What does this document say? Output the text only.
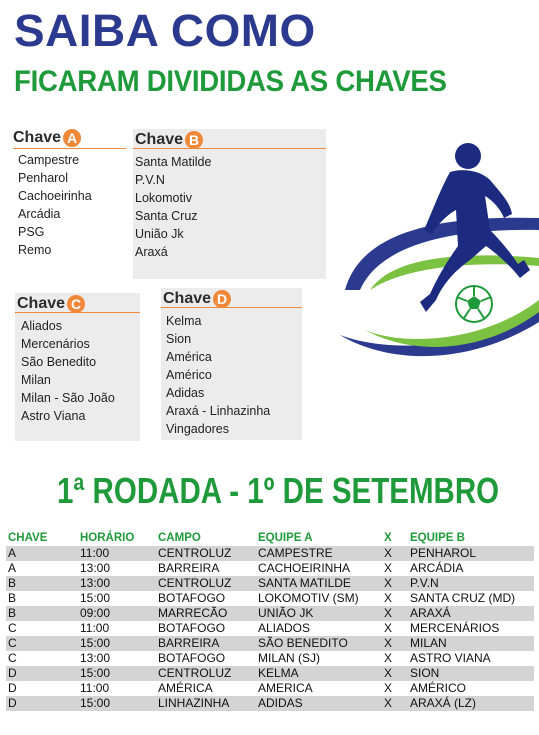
SAIBA COMO
FICARAM DIVIDIDAS AS CHAVES
Chave A
Campestre
Penharol
Cachoeirinha
Arcádia
PSG
Remo
Chave B
Santa Matilde
P.V.N
Lokomotiv
Santa Cruz
União Jk
Araxá
Chave C
Aliados
Mercenários
São Benedito
Milan
Milan - São João
Astro Viana
Chave D
Kelma
Sion
América
Américo
Adidas
Araxá - Linhazinha
Vingadores
1ª RODADA - 1º DE SETEMBRO
CHAVE	HORÁRIO	CAMPO	EQUIPE A	X	EQUIPE B
A	11:00	CENTROLUZ	CAMPESTRE	X	PENHAROL
A	13:00	BARREIRA	CACHOEIRINHA	X	ARCÁDIA
B	13:00	CENTROLUZ	SANTA MATILDE	X	P.V.N
B	15:00	BOTAFOGO	LOKOMOTIV (SM)	X	SANTA CRUZ (MD)
B	09:00	MARRECÃO	UNIÃO JK	X	ARAXÁ
C	11:00	BOTAFOGO	ALIADOS	X	MERCENÁRIOS
C	15:00	BARREIRA	SÃO BENEDITO	X	MILAN
C	13:00	BOTAFOGO	MILAN (SJ)	X	ASTRO VIANA
D	15:00	CENTROLUZ	KELMA	X	SION
D	11:00	AMÉRICA	AMERICA	X	AMÉRICO
D	15:00	LINHAZINHA	ADIDAS	X	ARAXÁ (LZ)
